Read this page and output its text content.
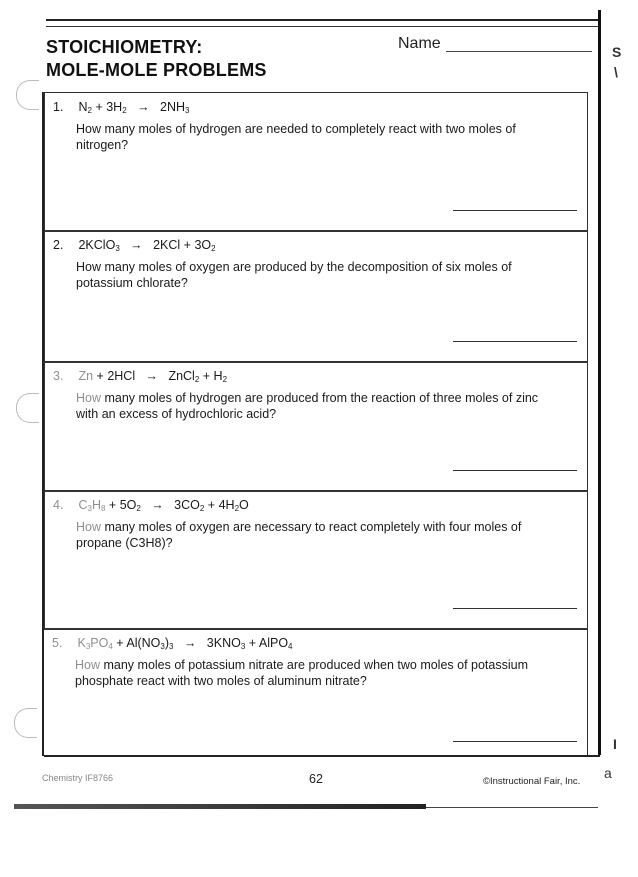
STOICHIOMETRY:
MOLE-MOLE PROBLEMS
Name
1. $N_2 + 3H_2 \to 2NH_3$

How many moles of hydrogen are needed to completely react with two moles of nitrogen?

2. 2KClO$_3$   →   $2KCl + 3O_2$

How many moles of oxygen are produced by the decomposition of six moles of potassium chlorate?

3. Zn + 2HCl   →   ZnCl$_2$ + $H_2$

How many moles of hydrogen are produced from the reaction of three moles of zinc with an excess of hydrochloric acid?

4. $C_3H_8 + 5O_2 \to 3CO_2 + 4H_2O$

How many moles of oxygen are necessary to react completely with four moles of propane (C3H8)?

5. $K_3PO_4 + Al(NO_3)_3 \to 3KNO_3$ + AlPO$_4$

How many moles of potassium nitrate are produced when two moles of potassium phosphate react with two moles of aluminum nitrate?

Chemistry IF8766	62	©Instructional Fair, Inc.
S
\
a
I
